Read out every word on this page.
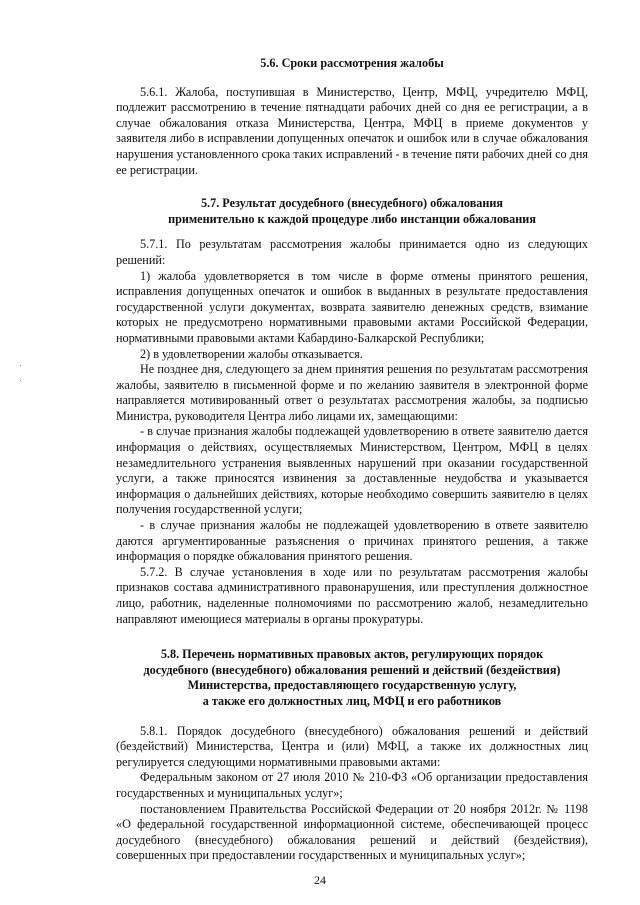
5.6. Сроки рассмотрения жалобы

5.6.1. Жалоба, поступившая в Министерство, Центр, МФЦ, учредителю МФЦ, подлежит рассмотрению в течение пятнадцати рабочих дней со дня ее регистрации, а в случае обжалования отказа Министерства, Центра, МФЦ в приеме документов у заявителя либо в исправлении допущенных опечаток и ошибок или в случае обжалования нарушения установленного срока таких исправлений - в течение пяти рабочих дней со дня ее регистрации.

5.7. Результат досудебного (внесудебного) обжалования
применительно к каждой процедуре либо инстанции обжалования

5.7.1. По результатам рассмотрения жалобы принимается одно из следующих решений:

1) жалоба удовлетворяется в том числе в форме отмены принятого решения, исправления допущенных опечаток и ошибок в выданных в результате предоставления государственной услуги документах, возврата заявителю денежных средств, взимание которых не предусмотрено нормативными правовыми актами Российской Федерации, нормативными правовыми актами Кабардино-Балкарской Республики;

2) в удовлетворении жалобы отказывается.

Не позднее дня, следующего за днем принятия решения по результатам рассмотрения жалобы, заявителю в письменной форме и по желанию заявителя в электронной форме направляется мотивированный ответ о результатах рассмотрения жалобы, за подписью Министра, руководителя Центра либо лицами их, замещающими:

- в случае признания жалобы подлежащей удовлетворению в ответе заявителю дается информация о действиях, осуществляемых Министерством, Центром, МФЦ в целях незамедлительного устранения выявленных нарушений при оказании государственной услуги, а также приносятся извинения за доставленные неудобства и указывается информация о дальнейших действиях, которые необходимо совершить заявителю в целях получения государственной услуги;

- в случае признания жалобы не подлежащей удовлетворению в ответе заявителю даются аргументированные разъяснения о причинах принятого решения, а также информация о порядке обжалования принятого решения.

5.7.2. В случае установления в ходе или по результатам рассмотрения жалобы признаков состава административного правонарушения, или преступления должностное лицо, работник, наделенные полномочиями по рассмотрению жалоб, незамедлительно направляют имеющиеся материалы в органы прокуратуры.

5.8. Перечень нормативных правовых актов, регулирующих порядок
досудебного (внесудебного) обжалования решений и действий (бездействия)
Министерства, предоставляющего государственную услугу,
а также его должностных лиц, МФЦ и его работников

5.8.1. Порядок досудебного (внесудебного) обжалования решений и действий (бездействий) Министерства, Центра и (или) МФЦ, а также их должностных лиц регулируется следующими нормативными правовыми актами:

Федеральным законом от 27 июля 2010 № 210-ФЗ «Об организации предоставления государственных и муниципальных услуг»;

постановлением Правительства Российской Федерации от 20 ноября 2012г. № 1198 «О федеральной государственной информационной системе, обеспечивающей процесс досудебного (внесудебного) обжалования решений и действий (бездействия), совершенных при предоставлении государственных и муниципальных услуг»;

24
